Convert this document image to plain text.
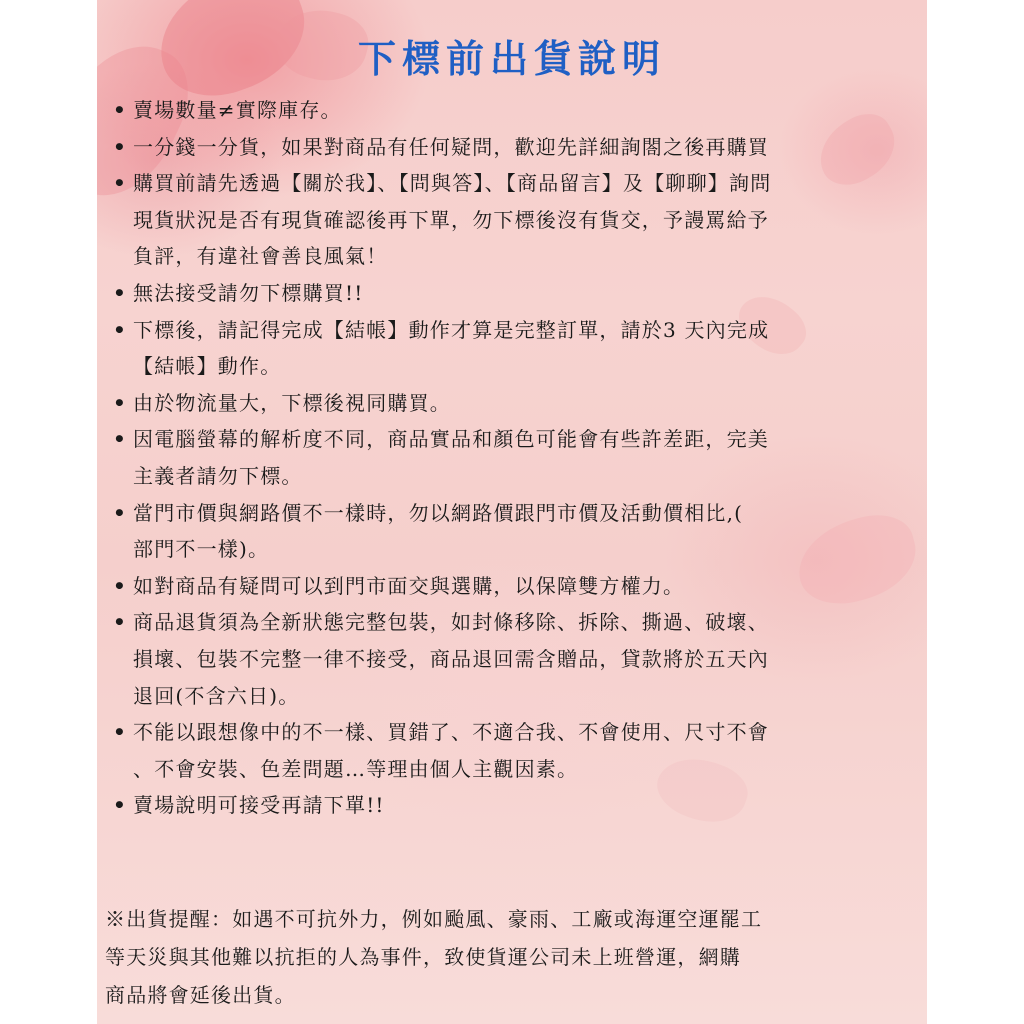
下標前出貨說明
• 賣場數量≠實際庫存。
• 一分錢一分貨，如果對商品有任何疑問，歡迎先詳細詢閤之後再購買
• 購買前請先透過【關於我】、【問與答】、【商品留言】及【聊聊】詢問
現貨狀況是否有現貨確認後再下單，勿下標後沒有貨交，予謾罵給予
負評，有違社會善良風氣！
• 無法接受請勿下標購買!!
• 下標後，請記得完成【結帳】動作才算是完整訂單，請於3 天內完成
【結帳】動作。
• 由於物流量大，下標後視同購買。
• 因電腦螢幕的解析度不同，商品實品和顏色可能會有些許差距，完美
主義者請勿下標。
• 當門市價與網路價不一樣時，勿以網路價跟門市價及活動價相比,(
部門不一樣)。
• 如對商品有疑問可以到門市面交與選購，以保障雙方權力。
• 商品退貨須為全新狀態完整包裝，如封條移除、拆除、撕過、破壞、
損壞、包裝不完整一律不接受，商品退回需含贈品，貸款將於五天內
退回(不含六日)。
• 不能以跟想像中的不一樣、買錯了、不適合我、不會使用、尺寸不會
、不會安裝、色差問題…等理由個人主觀因素。
• 賣場說明可接受再請下單!!

※出貨提醒：如遇不可抗外力，例如颱風、豪雨、工廠或海運空運罷工
等天災與其他難以抗拒的人為事件，致使貨運公司未上班營運，網購
商品將會延後出貨。
